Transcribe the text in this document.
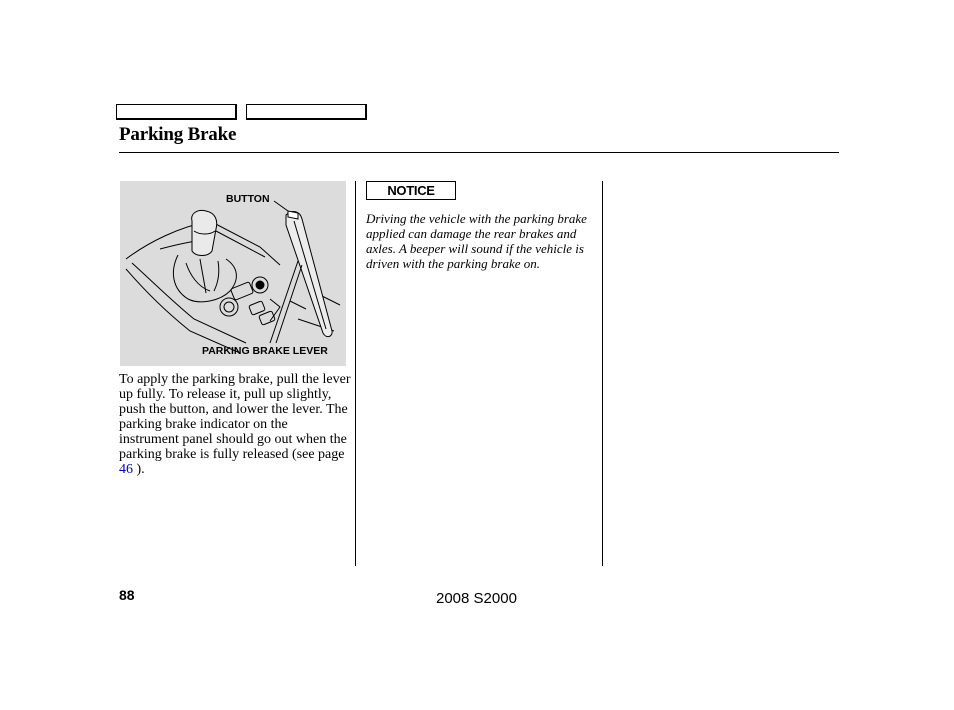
Parking Brake
BUTTON
PARKING BRAKE LEVER

To apply the parking brake, pull the lever up fully. To release it, pull up slightly, push the button, and lower the lever. The parking brake indicator on the instrument panel should go out when the parking brake is fully released (see page 46 ).

NOTICE

Driving the vehicle with the parking brake applied can damage the rear brakes and axles. A beeper will sound if the vehicle is driven with the parking brake on.

88	2008 S2000
